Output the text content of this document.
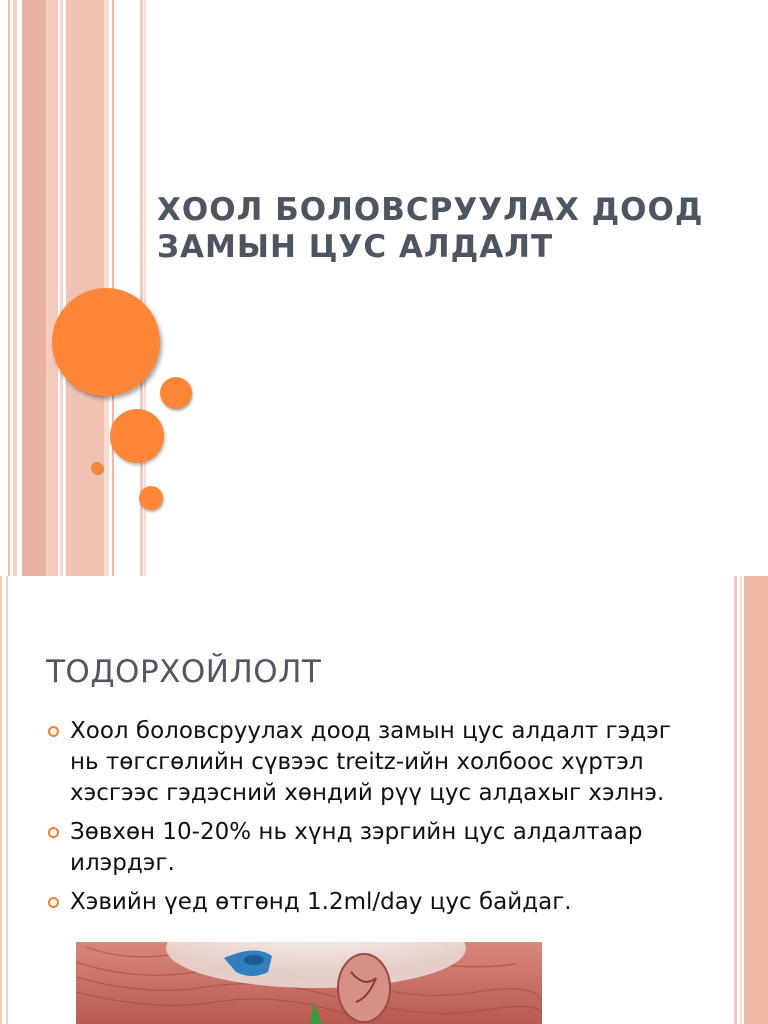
ХООЛ БОЛОВСРУУЛАХ ДООД ЗАМЫН ЦУС АЛДАЛТ
ТОДОРХОЙЛОЛТ
Хоол боловсруулах доод замын цус алдалт гэдэг нь төгсгөлийн сүвээс treitz-ийн холбоос хүртэл хэсгээс гэдэсний хөндий рүү цус алдахыг хэлнэ.
Зөвхөн 10-20% нь хүнд зэргийн цус алдалтаар илэрдэг.
Хэвийн үед өтгөнд 1.2ml/day цус байдаг.
